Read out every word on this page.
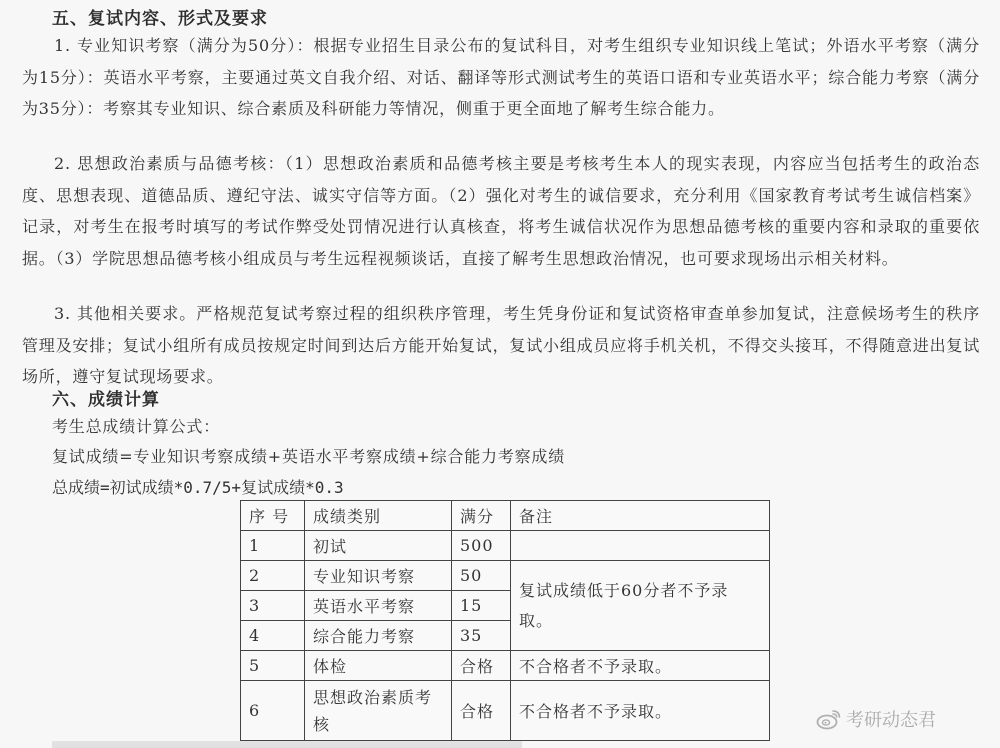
五、复试内容、形式及要求
1. 专业知识考察（满分为50分）：根据专业招生目录公布的复试科目，对考生组织专业知识线上笔试；外语水平考察（满分为15分）：英语水平考察，主要通过英文自我介绍、对话、翻译等形式测试考生的英语口语和专业英语水平；综合能力考察（满分为35分）：考察其专业知识、综合素质及科研能力等情况，侧重于更全面地了解考生综合能力。
2. 思想政治素质与品德考核：（1）思想政治素质和品德考核主要是考核考生本人的现实表现，内容应当包括考生的政治态度、思想表现、道德品质、遵纪守法、诚实守信等方面。（2）强化对考生的诚信要求，充分利用《国家教育考试考生诚信档案》记录，对考生在报考时填写的考试作弊受处罚情况进行认真核查，将考生诚信状况作为思想品德考核的重要内容和录取的重要依据。（3）学院思想品德考核小组成员与考生远程视频谈话，直接了解考生思想政治情况，也可要求现场出示相关材料。
3. 其他相关要求。严格规范复试考察过程的组织秩序管理，考生凭身份证和复试资格审查单参加复试，注意候场考生的秩序管理及安排；复试小组所有成员按规定时间到达后方能开始复试，复试小组成员应将手机关机，不得交头接耳，不得随意进出复试场所，遵守复试现场要求。
六、成绩计算
考生总成绩计算公式：
复试成绩=专业知识考察成绩+英语水平考察成绩+综合能力考察成绩
总成绩=初试成绩*0.7/5+复试成绩*0.3
序 号	成绩类别	满分	备注
1	初试	500	
2	专业知识考察	50	复试成绩低于60分者不予录取。
3	英语水平考察	15	
4	综合能力考察	35	
5	体检	合格	不合格者不予录取。
6	思想政治素质考核	合格	不合格者不予录取。	考研动态君
